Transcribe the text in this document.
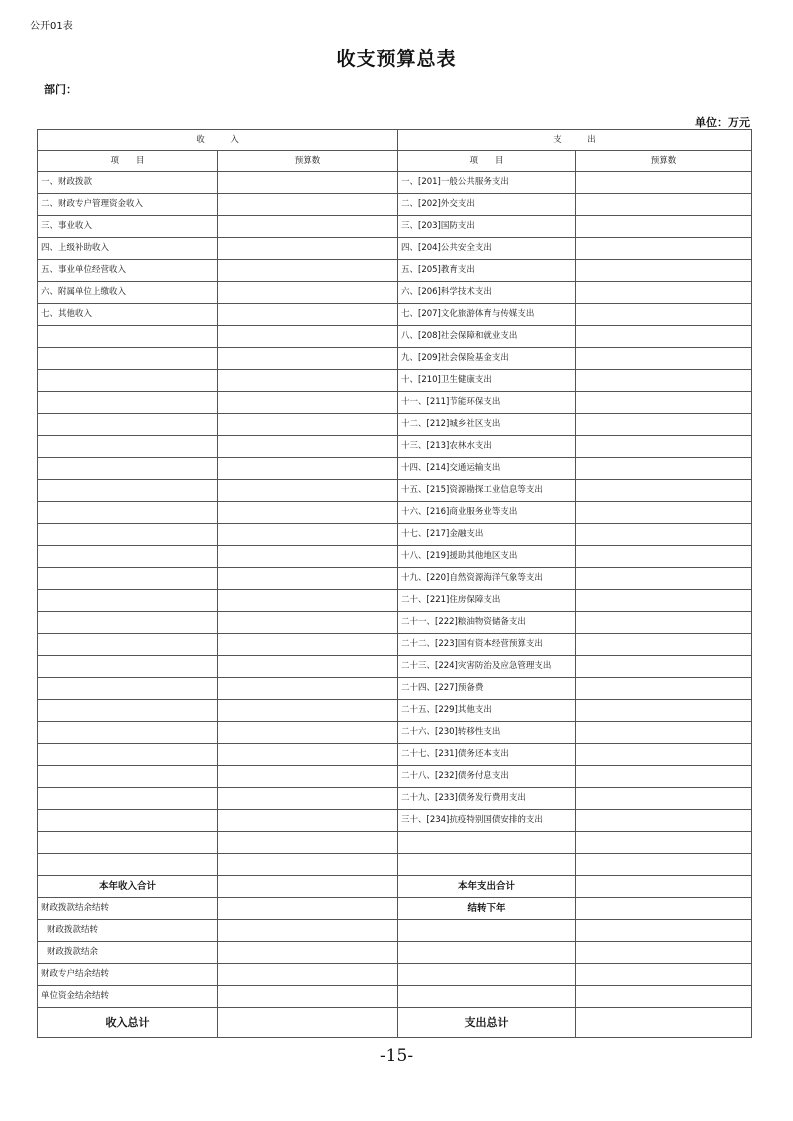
公开01表
收支预算总表
部门：
单位：万元
收　　　入		支　　　出	
项　　目	预算数	项　　目	预算数
一、财政拨款		一、[201]一般公共服务支出	
二、财政专户管理资金收入		二、[202]外交支出	
三、事业收入		三、[203]国防支出	
四、上级补助收入		四、[204]公共安全支出	
五、事业单位经营收入		五、[205]教育支出	
六、附属单位上缴收入		六、[206]科学技术支出	
七、其他收入		七、[207]文化旅游体育与传媒支出	
		八、[208]社会保障和就业支出	
		九、[209]社会保险基金支出	
		十、[210]卫生健康支出	
		十一、[211]节能环保支出	
		十二、[212]城乡社区支出	
		十三、[213]农林水支出	
		十四、[214]交通运输支出	
		十五、[215]资源勘探工业信息等支出	
		十六、[216]商业服务业等支出	
		十七、[217]金融支出	
		十八、[219]援助其他地区支出	
		十九、[220]自然资源海洋气象等支出	
		二十、[221]住房保障支出	
		二十一、[222]粮油物资储备支出	
		二十二、[223]国有资本经营预算支出	
		二十三、[224]灾害防治及应急管理支出	
		二十四、[227]预备费	
		二十五、[229]其他支出	
		二十六、[230]转移性支出	
		二十七、[231]债务还本支出	
		二十八、[232]债务付息支出	
		二十九、[233]债务发行费用支出	
		三十、[234]抗疫特别国债安排的支出	

本年收入合计		本年支出合计	
财政拨款结余结转		结转下年	
财政拨款结转			
财政拨款结余			
财政专户结余结转			
单位资金结余结转			
收入总计		支出总计	
-15-
